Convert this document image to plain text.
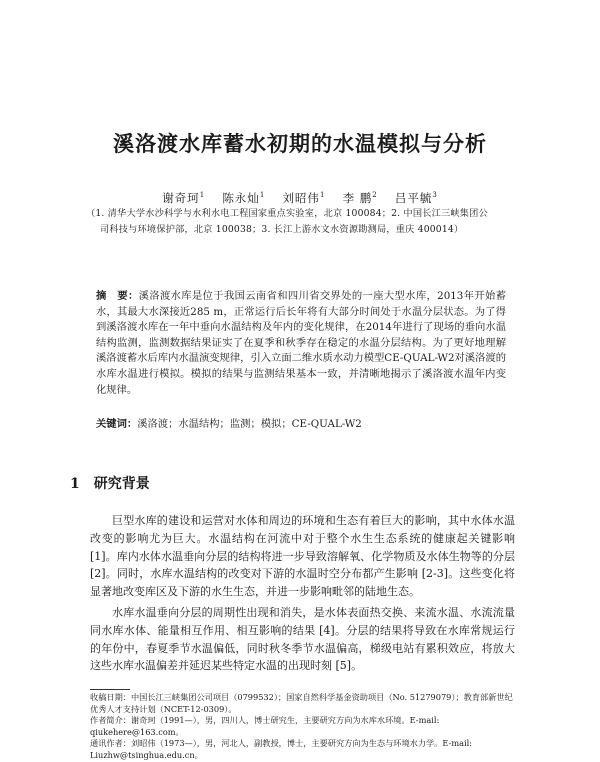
溪洛渡水库蓄水初期的水温模拟与分析
谢奇珂$^1$  陈永灿$^1$  刘昭伟$^1$  李 鹏$^2$  吕平毓$^3$
（1. 清华大学水沙科学与水利水电工程国家重点实验室，北京 100084；2. 中国长江三峡集团公
司科技与环境保护部，北京 100038；3. 长江上游水文水资源勘测局，重庆 400014）
摘　要：溪洛渡水库是位于我国云南省和四川省交界处的一座大型水库，2013年开始蓄水，其最大水深接近285 m，正常运行后长年将有大部分时间处于水温分层状态。为了得到溪洛渡水库在一年中垂向水温结构及年内的变化规律，在2014年进行了现场的垂向水温结构监测，监测数据结果证实了在夏季和秋季存在稳定的水温分层结构。为了更好地理解溪洛渡蓄水后库内水温演变规律，引入立面二维水质水动力模型CE-QUAL-W2对溪洛渡的水库水温进行模拟。模拟的结果与监测结果基本一致，并清晰地揭示了溪洛渡水温年内变化规律。
关键词：溪洛渡；水温结构；监测；模拟；CE-QUAL-W2
1 研究背景
巨型水库的建设和运营对水体和周边的环境和生态有着巨大的影响，其中水体水温改变的影响尤为巨大。水温结构在河流中对于整个水生生态系统的健康起关键影响 [1]。库内水体水温垂向分层的结构将进一步导致溶解氧、化学物质及水体生物等的分层 [2]。同时，水库水温结构的改变对下游的水温时空分布都产生影响 [2-3]。这些变化将显著地改变库区及下游的水生生态，并进一步影响毗邻的陆地生态。
水库水温垂向分层的周期性出现和消失，是水体表面热交换、来流水温、水流流量同水库水体、能量相互作用、相互影响的结果 [4]。分层的结果将导致在水库常规运行的年份中，春夏季节水温偏低，同时秋冬季节水温偏高，梯级电站有累积效应，将放大这些水库水温偏差并延迟某些特定水温的出现时刻 [5]。
收稿日期：中国长江三峡集团公司项目（0799532）；国家自然科学基金资助项目（No. 51279079）；教育部新世纪优秀人才支持计划（NCET-12-0309）。
作者简介：谢奇珂（1991—），男，四川人，博士研究生，主要研究方向为水库水环境。E-mail: qiukehere@163.com。
通讯作者：刘昭伟（1973—），男，河北人，副教授，博士，主要研究方向为生态与环境水力学。E-mail: Liuzhw@tsinghua.edu.cn。
